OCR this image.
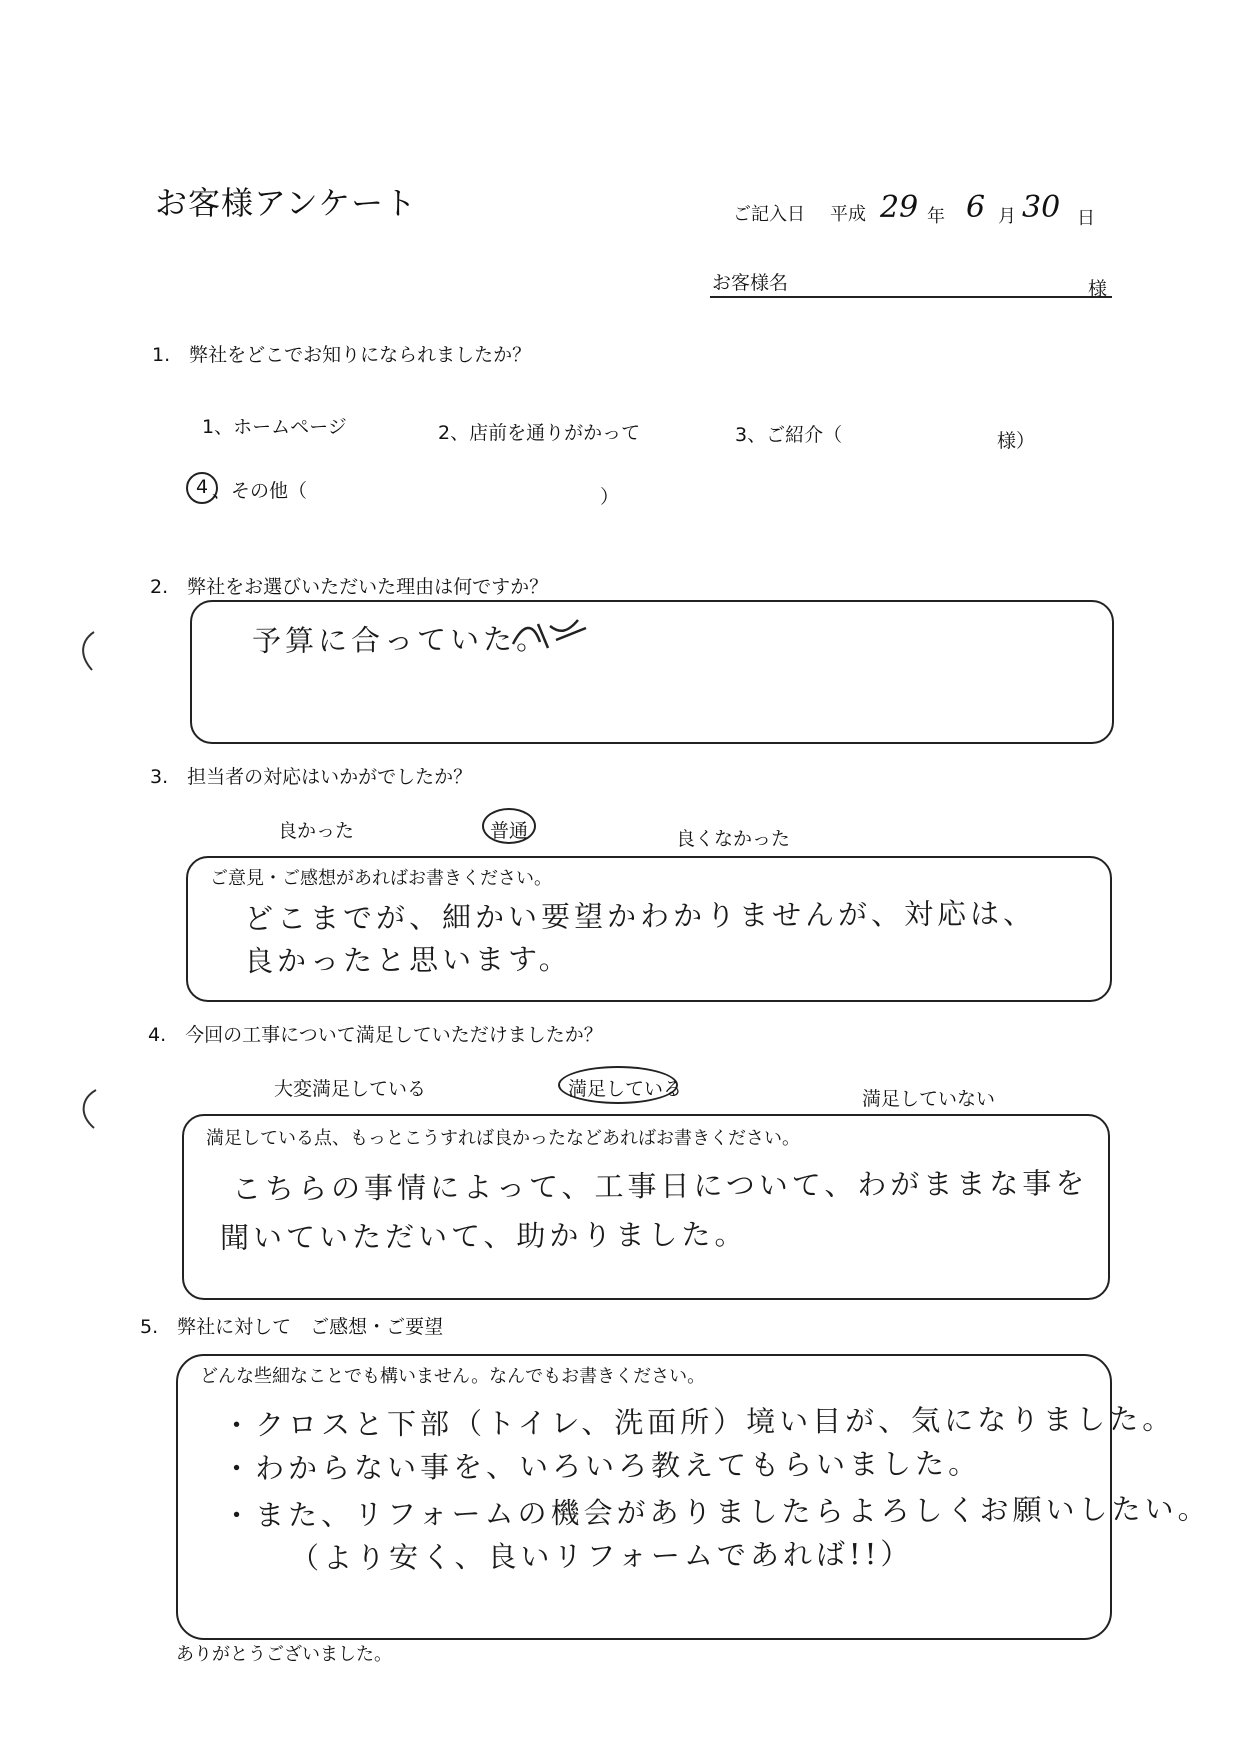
お客様アンケート	ご記入日 平成 29 年 6 月 30 日
お客様名	様
1.　弊社をどこでお知りになられましたか？
1、ホームページ	2、店前を通りがかって	3、ご紹介（	様）
4 、その他（	）
2.　弊社をお選びいただいた理由は何ですか？
予算に合っていた。
3.　担当者の対応はいかがでしたか？
良かった	普通	良くなかった
ご意見・ご感想があればお書きください。
どこまでが、細かい要望かわかりませんが、対応は、
良かったと思います。
4.　今回の工事について満足していただけましたか？
大変満足している	満足している	満足していない
満足している点、もっとこうすれば良かったなどあればお書きください。
こちらの事情によって、工事日について、わがままな事を
聞いていただいて、助かりました。
5.　弊社に対して　ご感想・ご要望
どんな些細なことでも構いません。なんでもお書きください。
・クロスと下部（トイレ、洗面所）境い目が、気になりました。
・わからない事を、いろいろ教えてもらいました。
・また、リフォームの機会がありましたらよろしくお願いしたい。
（より安く、良いリフォームであれば!!）
ありがとうございました。
